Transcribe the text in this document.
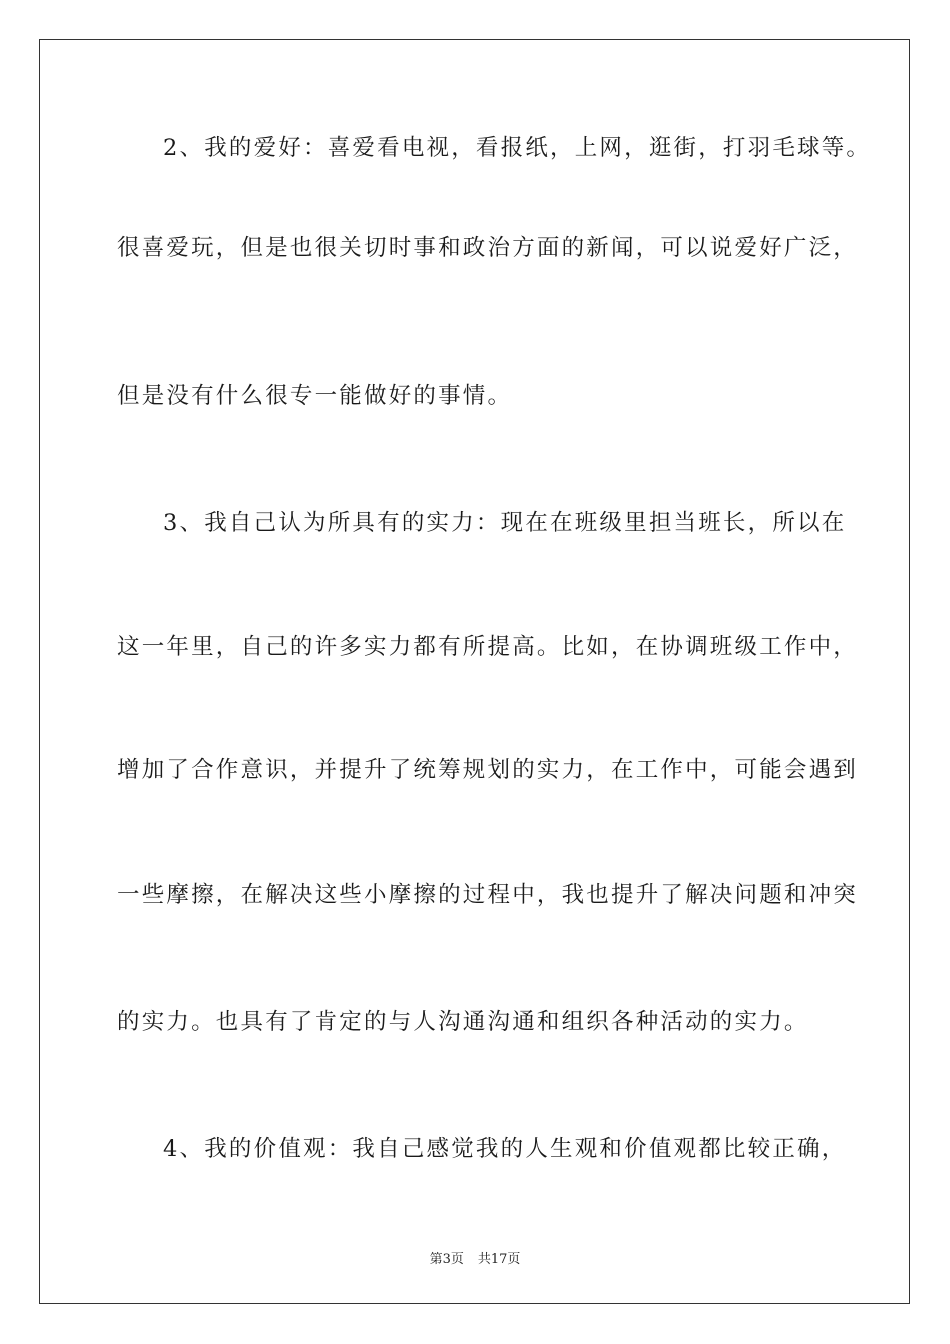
2、我的爱好：喜爱看电视，看报纸，上网，逛街，打羽毛球等。
很喜爱玩，但是也很关切时事和政治方面的新闻，可以说爱好广泛，
但是没有什么很专一能做好的事情。
3、我自己认为所具有的实力：现在在班级里担当班长，所以在
这一年里，自己的许多实力都有所提高。比如，在协调班级工作中，
增加了合作意识，并提升了统筹规划的实力，在工作中，可能会遇到
一些摩擦，在解决这些小摩擦的过程中，我也提升了解决问题和冲突
的实力。也具有了肯定的与人沟通沟通和组织各种活动的实力。
4、我的价值观：我自己感觉我的人生观和价值观都比较正确，
第3页 共17页
